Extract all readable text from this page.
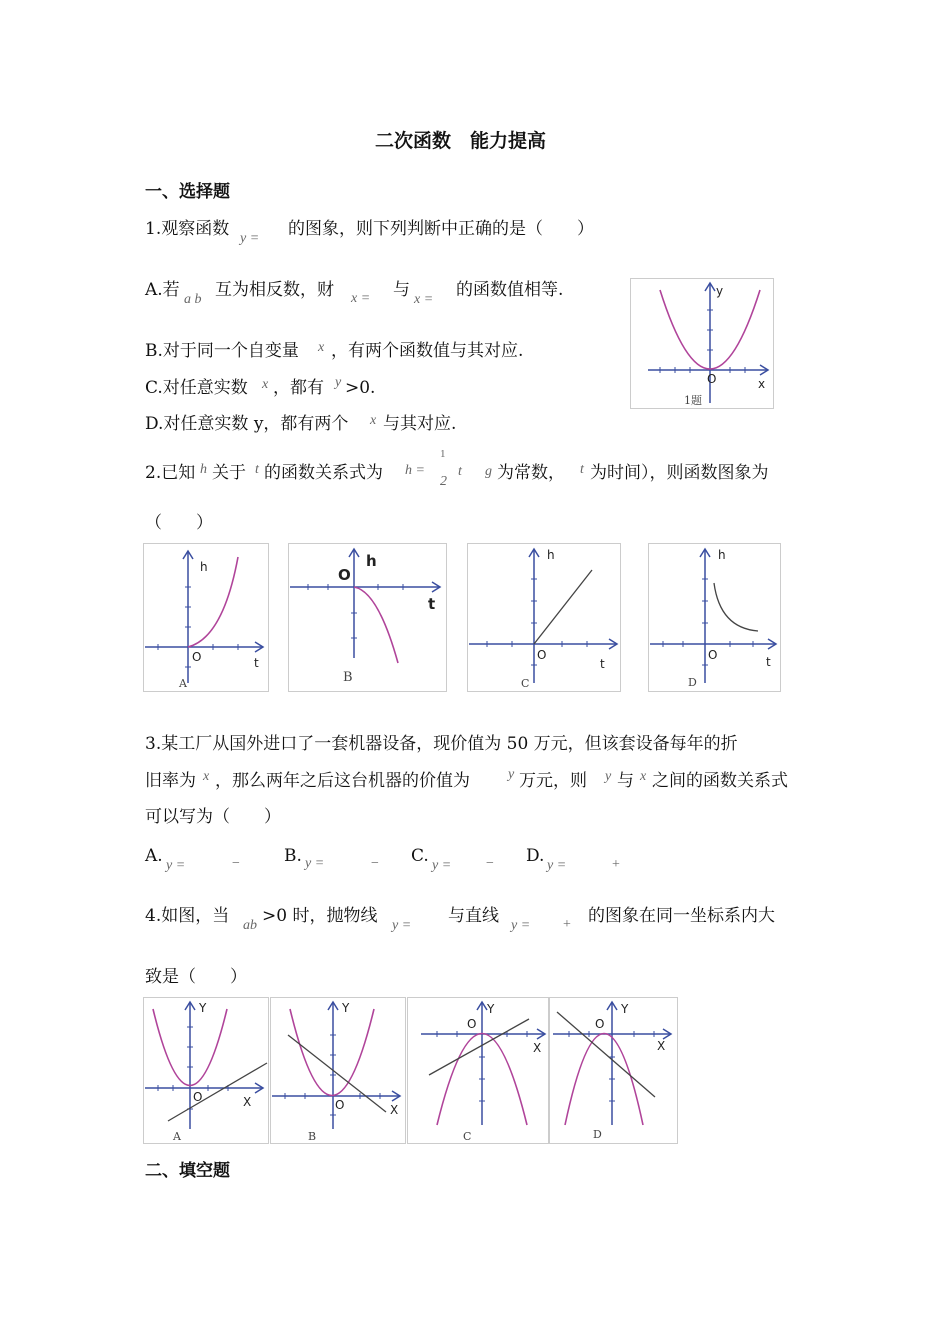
二次函数　能力提高
一、选择题
1.观察函数 y = 的图象，则下列判断中正确的是（　　）
A.若 a b 互为相反数，财 x = 与 x = 的函数值相等.
B.对于同一个自变量 x ，有两个函数值与其对应.
C.对任意实数 x ，都有 y >0.
D.对任意实数 y，都有两个 x 与其对应.
y
x
O
1题
2.已知 h 关于 t 的函数关系式为 h =
1
2
t g 为常数， t 为时间），则函数图象为
（　　）
h
t
O
A
h
t
O
B
h
t
O
C
h
t
O
D
3.某工厂从国外进口了一套机器设备，现价值为 50 万元，但该套设备每年的折
旧率为 x ，那么两年之后这台机器的价值为	y 万元，则 y 与 x 之间的函数关系式
可以写为（　　）
A. y =	−	B. y =	− C. y = − D. y =	+
4.如图，当 ab >0 时，抛物线 y = 与直线 y = + 的图象在同一坐标系内大
致是（　　）
Y
X
O
A
Y
X
O
B
Y
X
O
C
Y
X
O
D
二、填空题
